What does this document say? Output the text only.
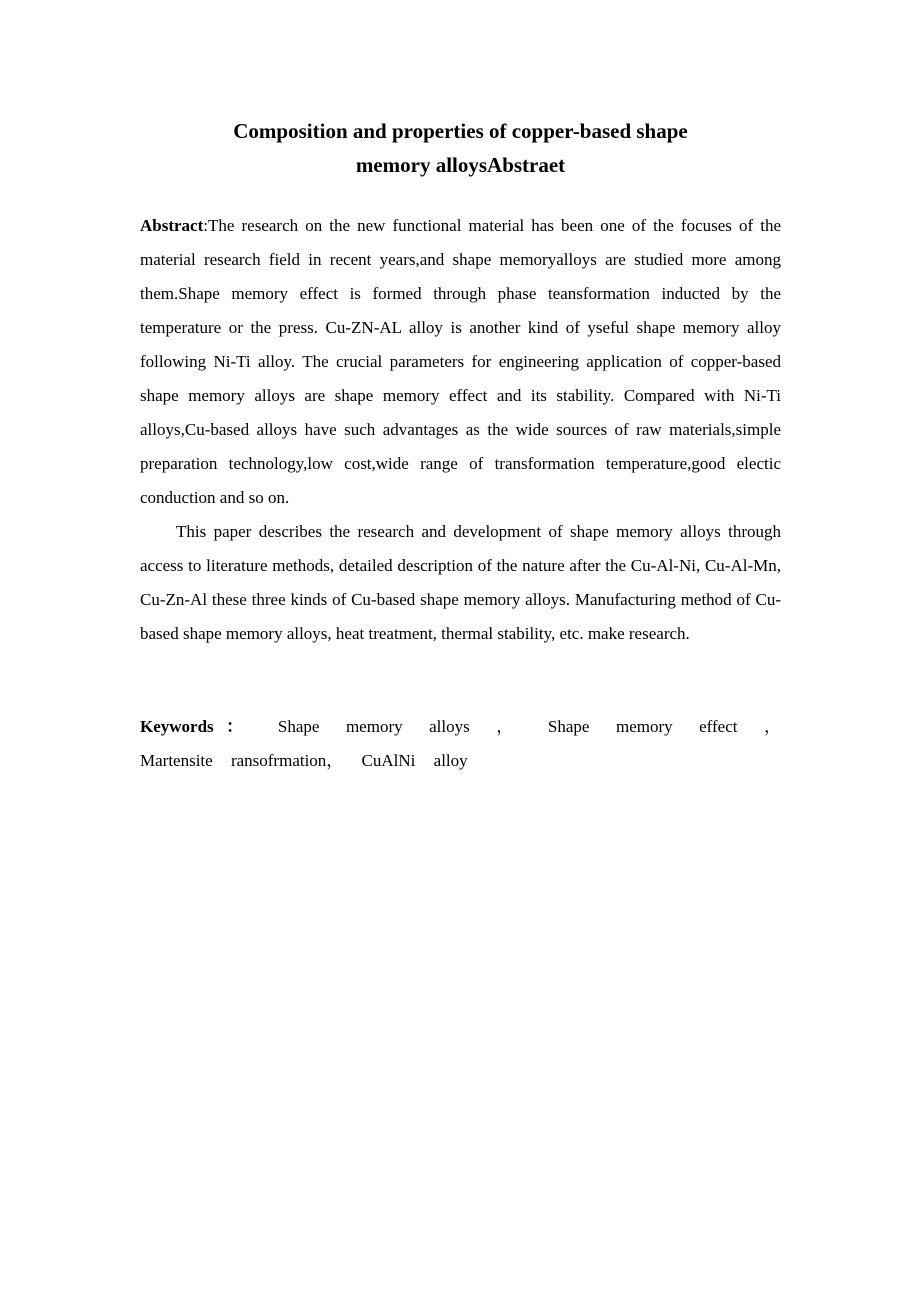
Composition and properties of copper-based shape
memory alloysAbstraet
Abstract:The research on the new functional material has been one of the focuses of the material research field in recent years,and shape memoryalloys are studied more among them.Shape memory effect is formed through phase teansformation inducted by the temperature or the press. Cu-ZN-AL alloy is another kind of yseful shape memory alloy following Ni-Ti alloy. The crucial parameters for engineering application of copper-based shape memory alloys are shape memory effect and its stability. Compared with Ni-Ti alloys,Cu-based alloys have such advantages as the wide sources of raw materials,simple preparation technology,low cost,wide range of transformation temperature,good electic conduction and so on.
This paper describes the research and development of shape memory alloys through access to literature methods, detailed description of the nature after the Cu-Al-Ni, Cu-Al-Mn, Cu-Zn-Al these three kinds of Cu-based shape memory alloys. Manufacturing method of Cu-based shape memory alloys, heat treatment, thermal stability, etc. make research.
Keywords ： Shape memory alloys ， Shape memory effect ， Martensite ransofrmation， CuAlNi alloy
